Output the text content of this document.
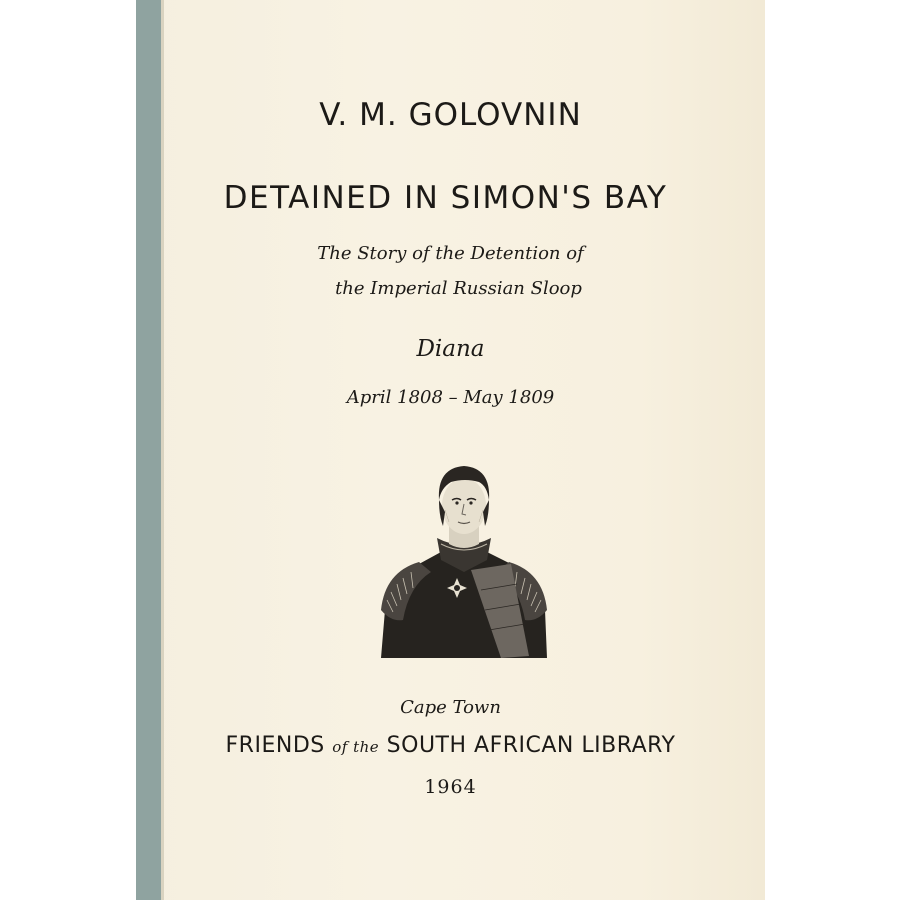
V. M. GOLOVNIN
DETAINED IN SIMON'S BAY
The Story of the Detention of
the Imperial Russian Sloop
Diana
April 1808 – May 1809
Cape Town
FRIENDS of the SOUTH AFRICAN LIBRARY
1964
